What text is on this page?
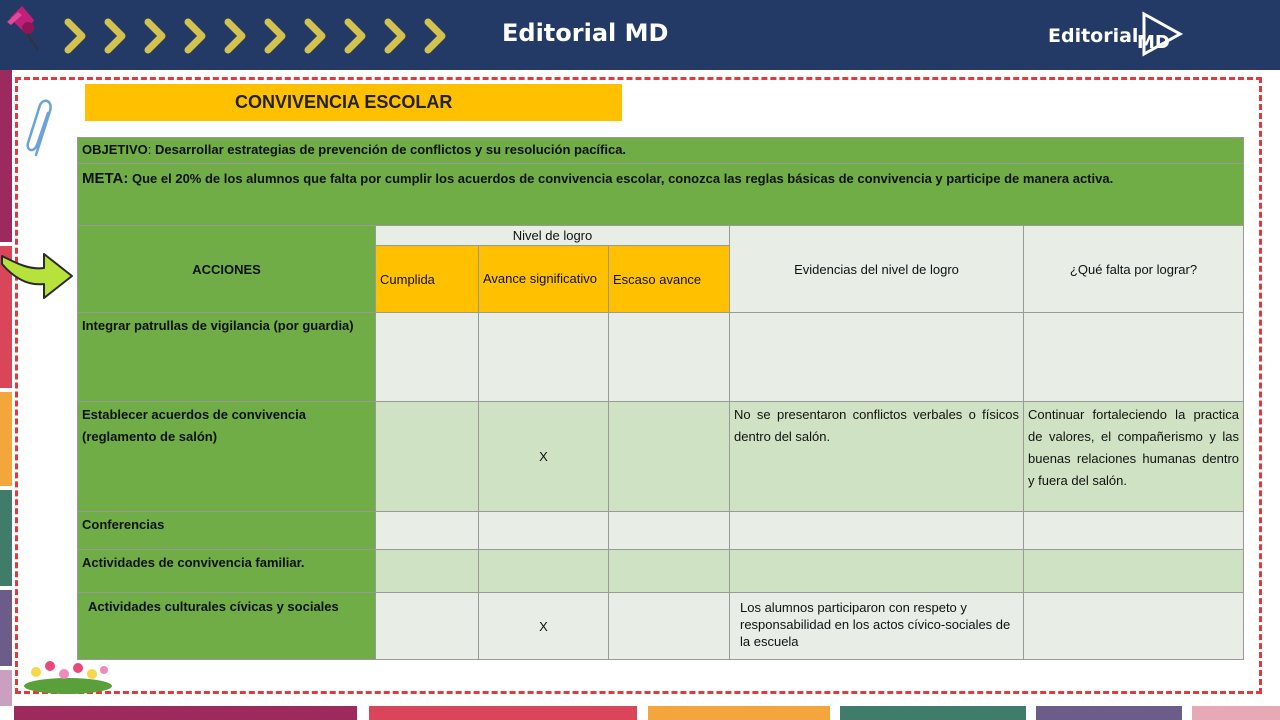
Editorial MD	Editorial
MD
CONVIVENCIA ESCOLAR
OBJETIVO: Desarrollar estrategias de prevención de conflictos y su resolución pacífica.					
META: Que el 20% de los alumnos que falta por cumplir los acuerdos de convivencia escolar, conozca las reglas básicas de convivencia y participe de manera activa.					
ACCIONES	Nivel de logro			Evidencias del nivel de logro	¿Qué falta por lograr?
	Cumplida	Avance significativo	Escaso avance		
Integrar patrullas de vigilancia (por guardia)					
Establecer acuerdos de convivencia (reglamento de salón)		X		No se presentaron conflictos verbales o físicos dentro del salón.	Continuar fortaleciendo la practica de valores, el compañerismo y las buenas relaciones humanas dentro y fuera del salón.
Conferencias					
Actividades de convivencia familiar.					
Actividades culturales cívicas y sociales		X		Los alumnos participaron con respeto y responsabilidad en los actos cívico-sociales de la escuela	
